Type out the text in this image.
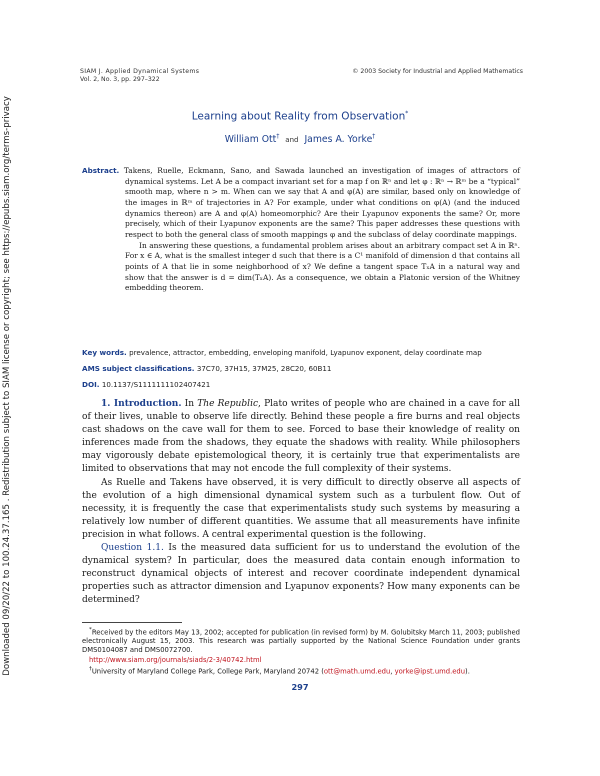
Downloaded 09/20/22 to 100.24.37.165 . Redistribution subject to SIAM license or copyright; see https://epubs.siam.org/terms-privacy
SIAM J. Applied Dynamical Systems
Vol. 2, No. 3, pp. 297–322
© 2003 Society for Industrial and Applied Mathematics
Learning about Reality from Observation*
William Ott† and James A. Yorke†

Abstract. Takens, Ruelle, Eckmann, Sano, and Sawada launched an investigation of images of attractors of dynamical systems. Let A be a compact invariant set for a map f on ℝⁿ and let φ : ℝⁿ → ℝᵐ be a “typical” smooth map, where n > m. When can we say that A and φ(A) are similar, based only on knowledge of the images in ℝᵐ of trajectories in A? For example, under what conditions on φ(A) (and the induced dynamics thereon) are A and φ(A) homeomorphic? Are their Lyapunov exponents the same? Or, more precisely, which of their Lyapunov exponents are the same? This paper addresses these questions with respect to both the general class of smooth mappings φ and the subclass of delay coordinate mappings.

In answering these questions, a fundamental problem arises about an arbitrary compact set A in ℝⁿ. For x ∈ A, what is the smallest integer d such that there is a C¹ manifold of dimension d that contains all points of A that lie in some neighborhood of x? We define a tangent space TₓA in a natural way and show that the answer is d = dim(TₓA). As a consequence, we obtain a Platonic version of the Whitney embedding theorem.

Key words. prevalence, attractor, embedding, enveloping manifold, Lyapunov exponent, delay coordinate map
AMS subject classifications. 37C70, 37H15, 37M25, 28C20, 60B11
DOI. 10.1137/S1111111102407421

1. Introduction. In The Republic, Plato writes of people who are chained in a cave for all of their lives, unable to observe life directly. Behind these people a fire burns and real objects cast shadows on the cave wall for them to see. Forced to base their knowledge of reality on inferences made from the shadows, they equate the shadows with reality. While philosophers may vigorously debate epistemological theory, it is certainly true that experimentalists are limited to observations that may not encode the full complexity of their systems.

As Ruelle and Takens have observed, it is very difficult to directly observe all aspects of the evolution of a high dimensional dynamical system such as a turbulent flow. Out of necessity, it is frequently the case that experimentalists study such systems by measuring a relatively low number of different quantities. We assume that all measurements have infinite precision in what follows. A central experimental question is the following.

Question 1.1. Is the measured data sufficient for us to understand the evolution of the dynamical system? In particular, does the measured data contain enough information to reconstruct dynamical objects of interest and recover coordinate independent dynamical properties such as attractor dimension and Lyapunov exponents? How many exponents can be determined?

*Received by the editors May 13, 2002; accepted for publication (in revised form) by M. Golubitsky March 11, 2003; published electronically August 15, 2003. This research was partially supported by the National Science Foundation under grants DMS0104087 and DMS0072700.

http://www.siam.org/journals/siads/2-3/40742.html

†University of Maryland College Park, College Park, Maryland 20742 (ott@math.umd.edu, yorke@ipst.umd.edu).

297
